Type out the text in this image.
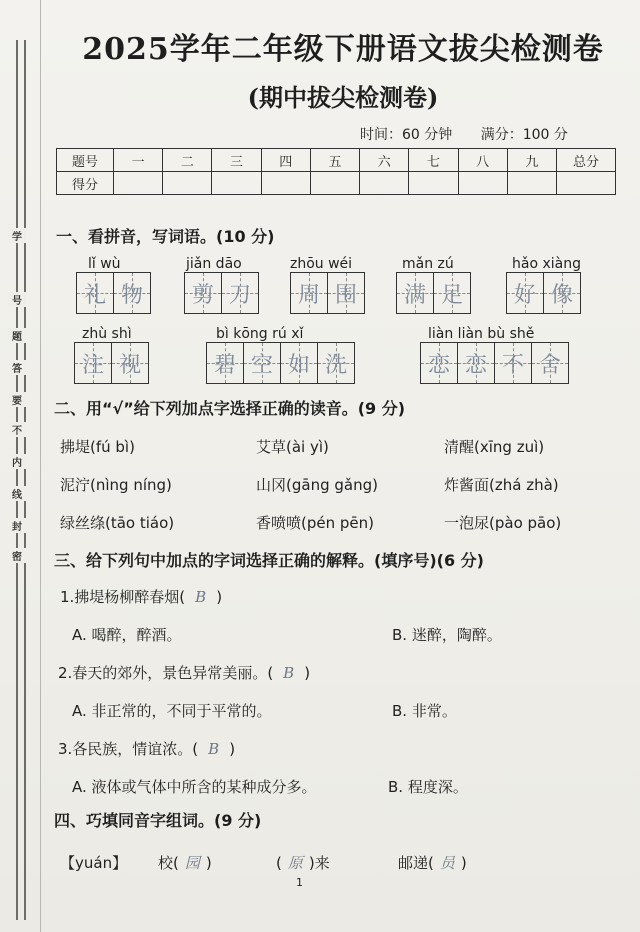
学
号
题
答
要
不
内
线
封
密
2025学年二年级下册语文拔尖检测卷
(期中拔尖检测卷)
时间：60 分钟 满分：100 分
题号	一	二	三	四	五	六	七	八	九	总分
得分										
一、看拼音，写词语。(10 分)
lǐ wù
礼 物
jiǎn dāo
剪 刀
zhōu wéi
周 围
mǎn zú
满 足
hǎo xiàng
好 像
zhù shì
注 视
bì kōng rú xǐ
碧 空 如 洗
liàn liàn bù shě
恋 恋 不 舍
二、用“√”给下列加点字选择正确的读音。(9 分)
拂堤(fú bì)	艾草(ài yì)	清醒(xīng zuì)
泥泞(nìng níng)	山冈(gāng gǎng)	炸酱面(zhá zhà)
绿丝绦(tāo tiáo)	香喷喷(pén pēn)	一泡尿(pào pāo)
三、给下列句中加点的字词选择正确的解释。(填序号)(6 分)
1.拂堤杨柳醉春烟( B )
A. 喝醉，醉酒。	B. 迷醉，陶醉。
2.春天的郊外，景色异常美丽。( B )
A. 非正常的，不同于平常的。	B. 非常。
3.各民族，情谊浓。( B )
A. 液体或气体中所含的某种成分多。	B. 程度深。
四、巧填同音字组词。(9 分)
【yuán】 校( 园 )	( 原 )来	邮递( 员 )
1
